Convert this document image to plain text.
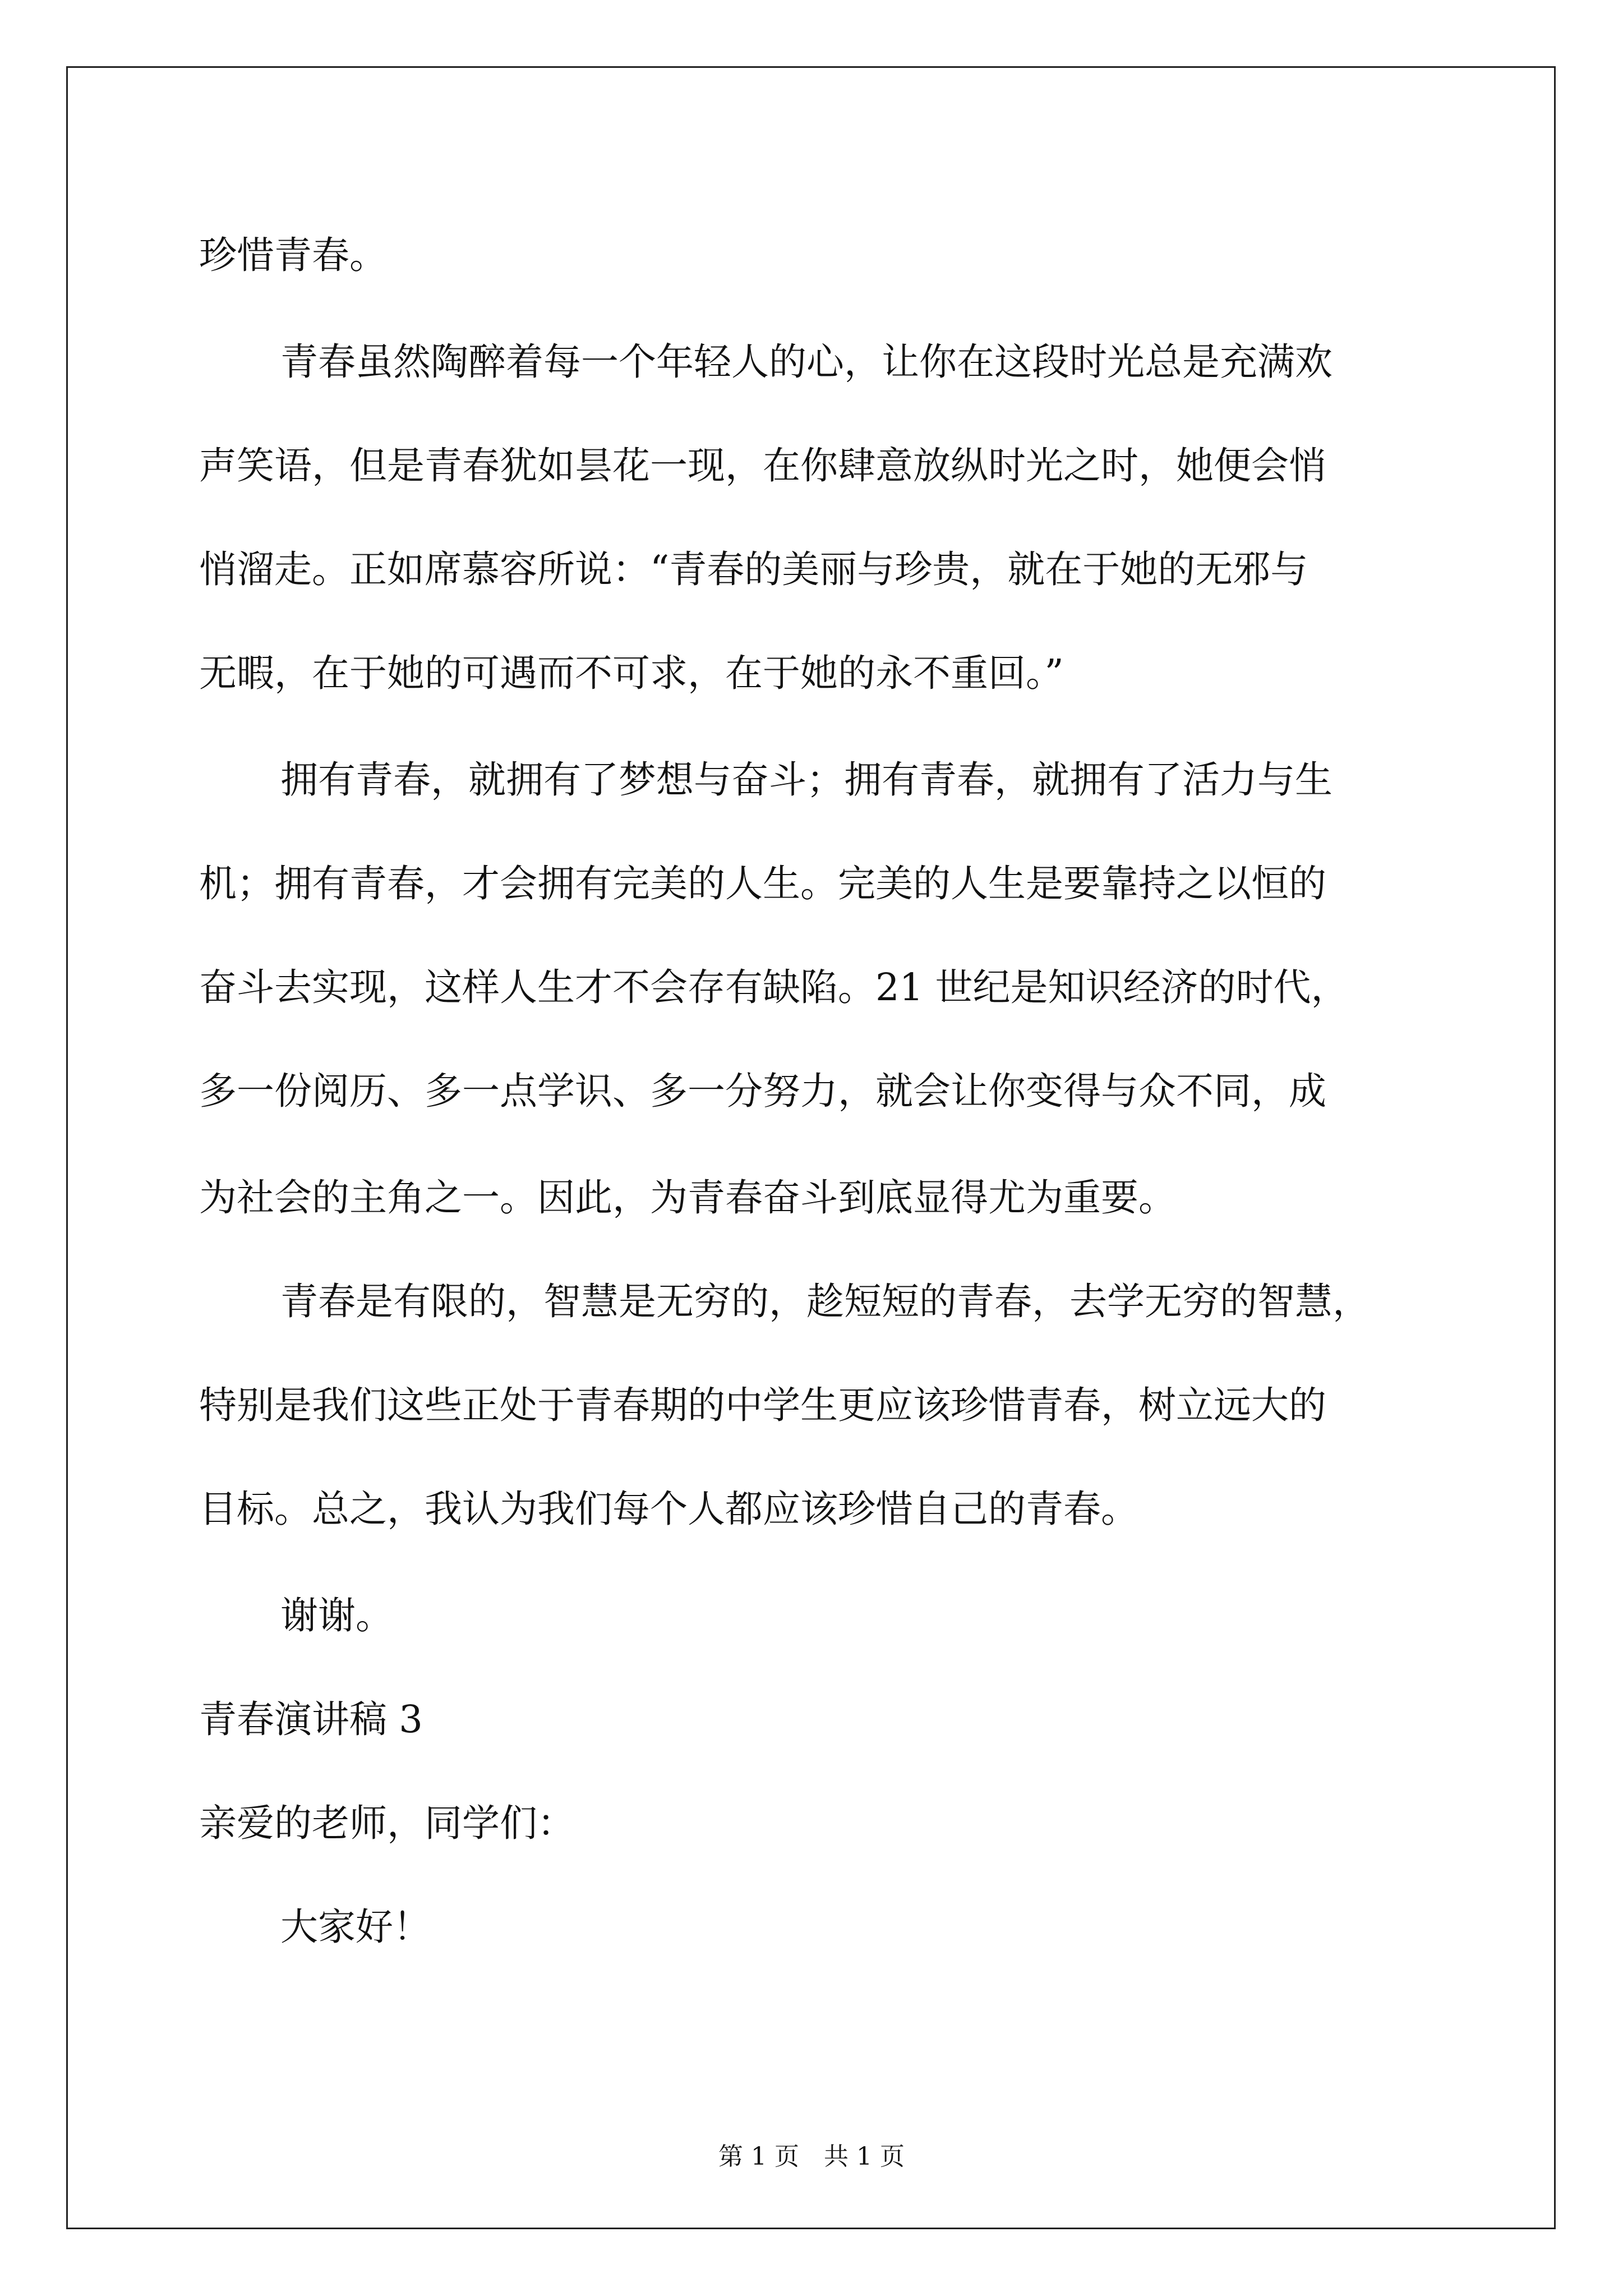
珍惜青春。

青春虽然陶醉着每一个年轻人的心，让你在这段时光总是充满欢

声笑语，但是青春犹如昙花一现，在你肆意放纵时光之时，她便会悄

悄溜走。正如席慕容所说：“青春的美丽与珍贵，就在于她的无邪与

无暇，在于她的可遇而不可求，在于她的永不重回。”

拥有青春，就拥有了梦想与奋斗；拥有青春，就拥有了活力与生

机；拥有青春，才会拥有完美的人生。完美的人生是要靠持之以恒的

奋斗去实现，这样人生才不会存有缺陷。21 世纪是知识经济的时代，

多一份阅历、多一点学识、多一分努力，就会让你变得与众不同，成

为社会的主角之一。因此，为青春奋斗到底显得尤为重要。

青春是有限的，智慧是无穷的，趁短短的青春，去学无穷的智慧，

特别是我们这些正处于青春期的中学生更应该珍惜青春，树立远大的

目标。总之，我认为我们每个人都应该珍惜自己的青春。

谢谢。

青春演讲稿 3

亲爱的老师，同学们：

大家好！

第 1 页　共 1 页
